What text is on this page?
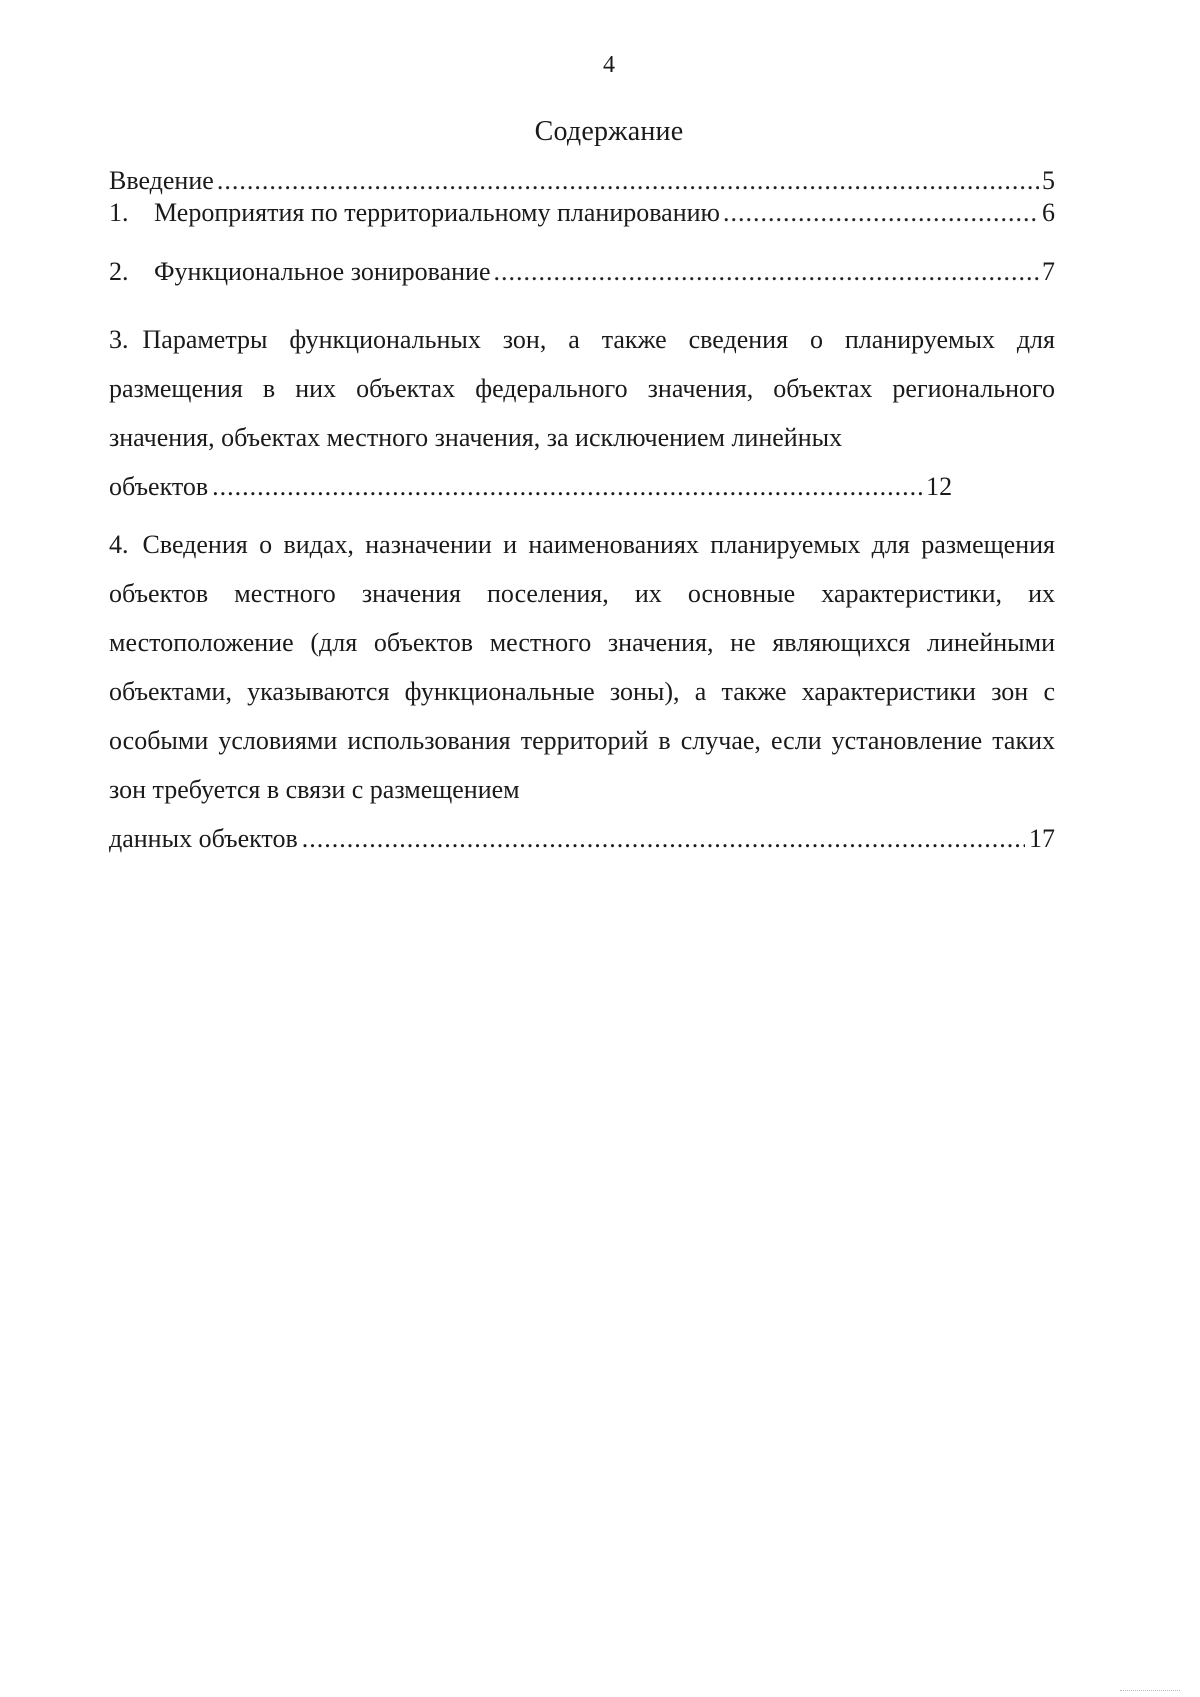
4
Содержание
Введение .....	5
1. Мероприятия по территориальному планированию .....	6
2. Функциональное зонирование .....	7
3. Параметры функциональных зон, а также сведения о планируемых для размещения в них объектах федерального значения, объектах регионального значения, объектах местного значения, за исключением линейных
объектов .....	12
4. Сведения о видах, назначении и наименованиях планируемых для размещения объектов местного значения поселения, их основные характеристики, их местоположение (для объектов местного значения, не являющихся линейными объектами, указываются функциональные зоны), а также характеристики зон с особыми условиями использования территорий в случае, если установление таких зон требуется в связи с размещением
данных объектов .....	17
